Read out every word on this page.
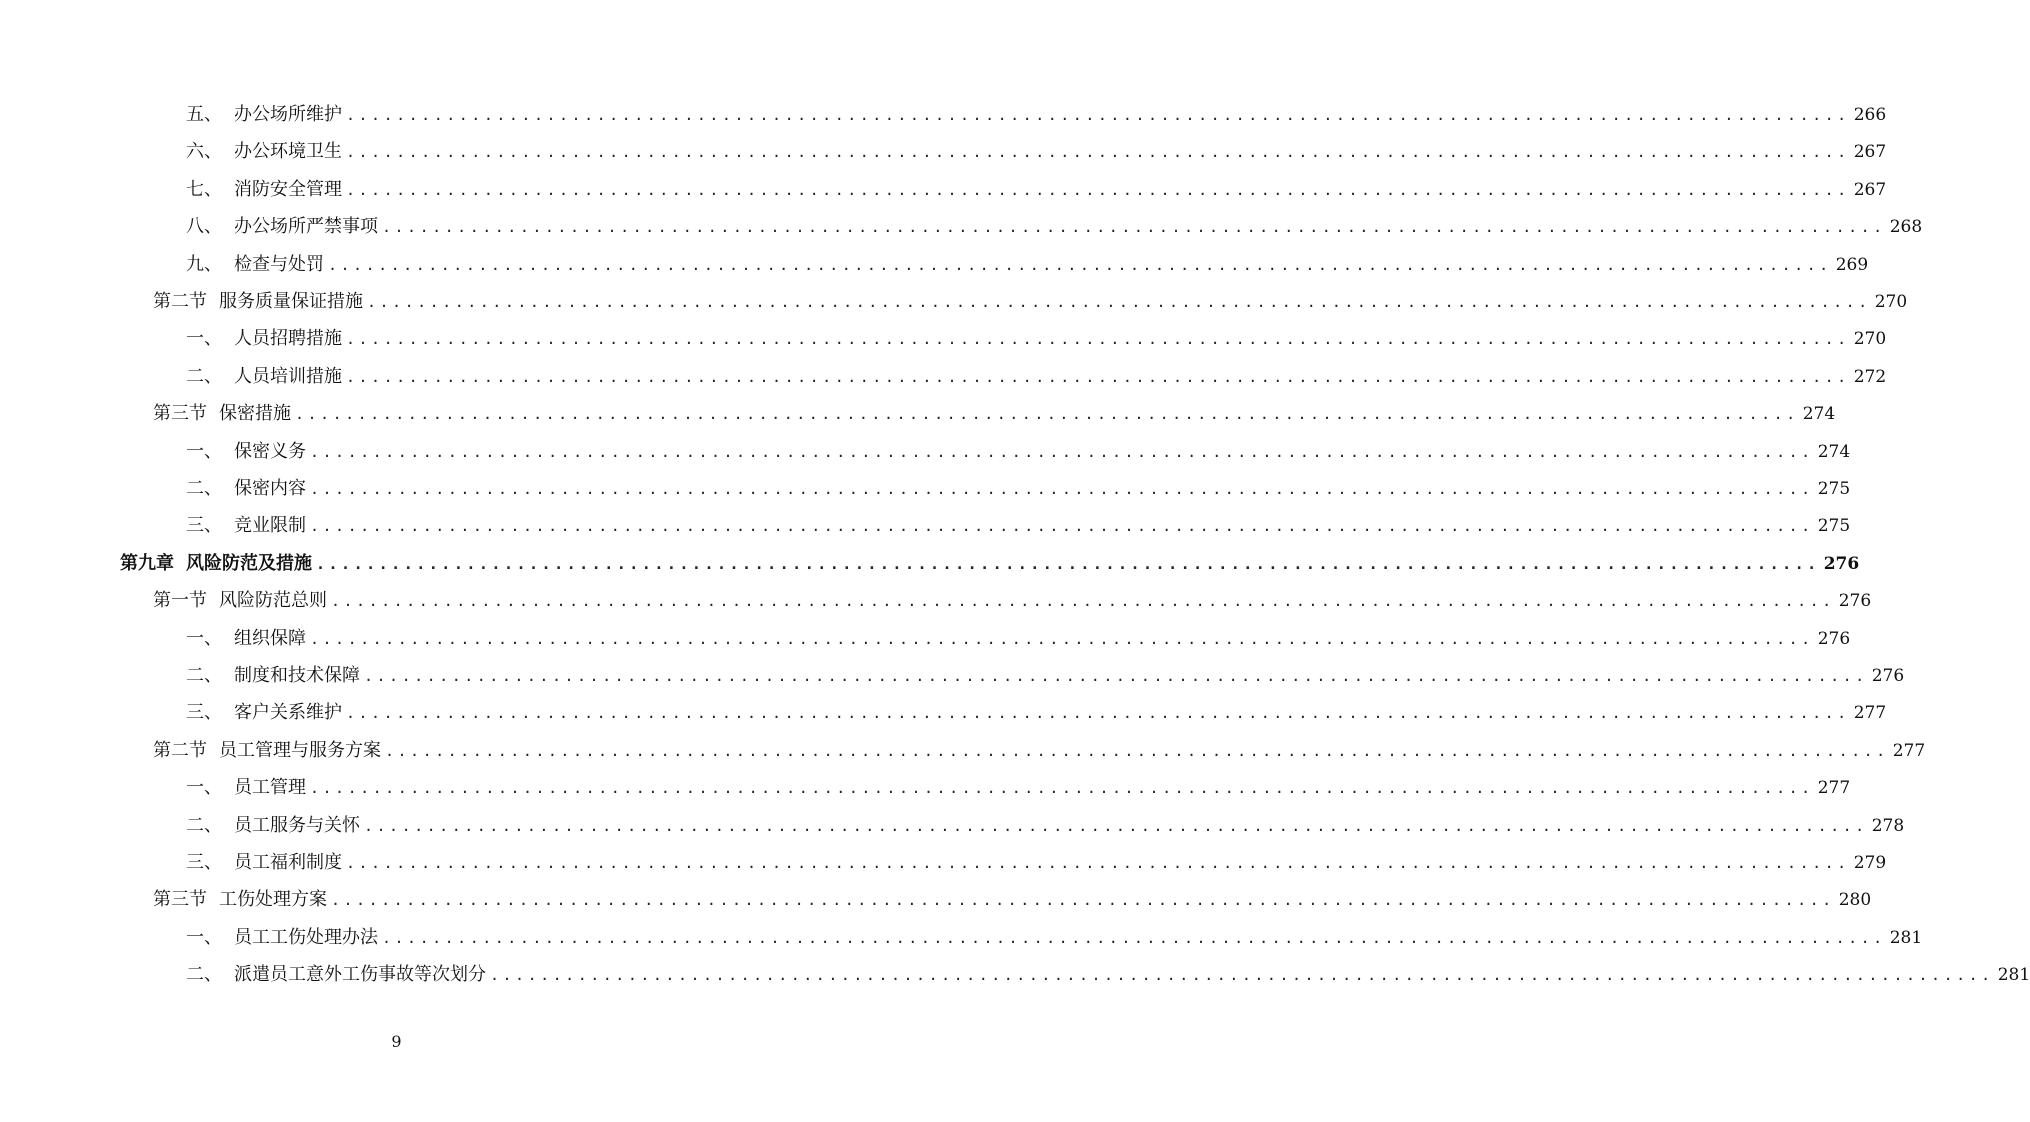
五、 办公场所维护 ........................................................................................................................ 266
六、 办公环境卫生 ........................................................................................................................ 267
七、 消防安全管理 ........................................................................................................................ 267
八、 办公场所严禁事项 ........................................................................................................................ 268
九、 检查与处罚 ........................................................................................................................ 269
第二节 服务质量保证措施 ........................................................................................................................ 270
一、 人员招聘措施 ........................................................................................................................ 270
二、 人员培训措施 ........................................................................................................................ 272
第三节 保密措施 ........................................................................................................................ 274
一、 保密义务 ........................................................................................................................ 274
二、 保密内容 ........................................................................................................................ 275
三、 竞业限制 ........................................................................................................................ 275
第九章 风险防范及措施 ........................................................................................................................ 276
第一节 风险防范总则 ........................................................................................................................ 276
一、 组织保障 ........................................................................................................................ 276
二、 制度和技术保障 ........................................................................................................................ 276
三、 客户关系维护 ........................................................................................................................ 277
第二节 员工管理与服务方案 ........................................................................................................................ 277
一、 员工管理 ........................................................................................................................ 277
二、 员工服务与关怀 ........................................................................................................................ 278
三、 员工福利制度 ........................................................................................................................ 279
第三节 工伤处理方案 ........................................................................................................................ 280
一、 员工工伤处理办法 ........................................................................................................................ 281
二、 派遣员工意外工伤事故等次划分 ........................................................................................................................ 281
9
